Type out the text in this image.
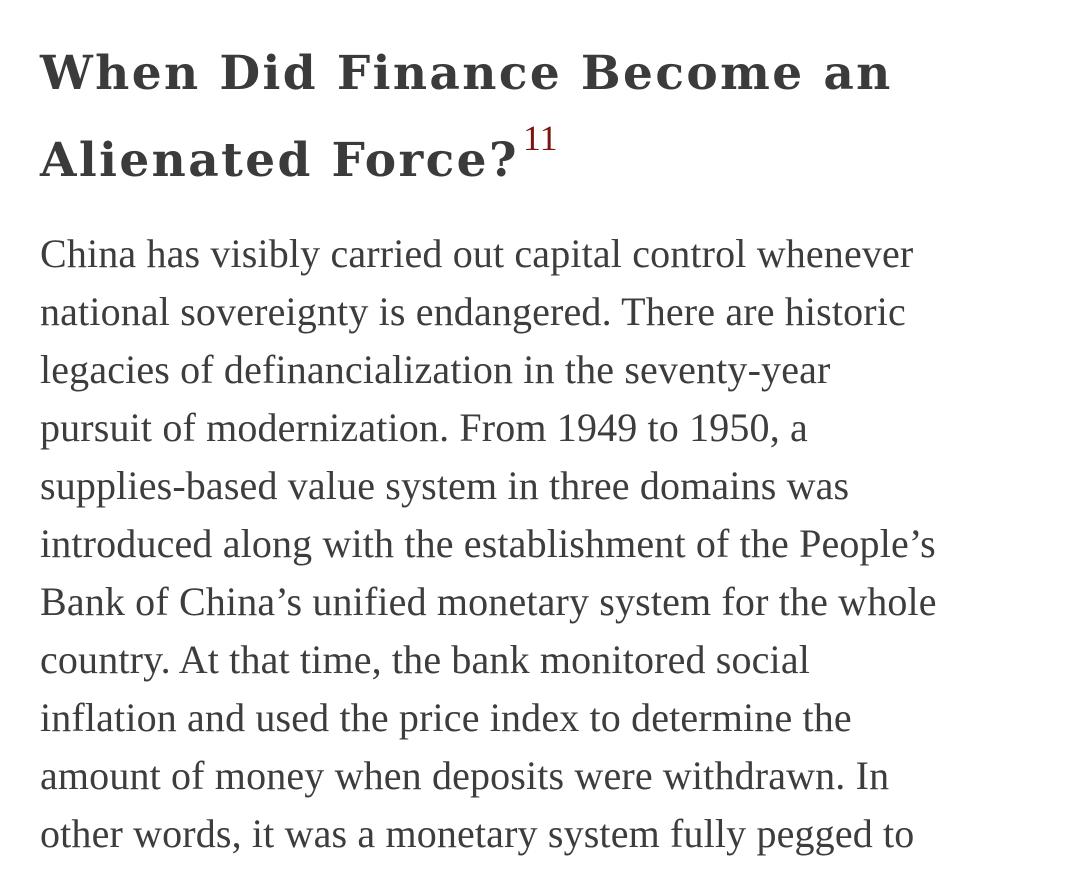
When Did Finance Become an
Alienated Force? $^{11}$
China has visibly carried out capital control whenever
national sovereignty is endangered. There are historic
legacies of definancialization in the seventy-year
pursuit of modernization. From 1949 to 1950, a
supplies-based value system in three domains was
introduced along with the establishment of the People’s
Bank of China’s unified monetary system for the whole
country. At that time, the bank monitored social
inflation and used the price index to determine the
amount of money when deposits were withdrawn. In
other words, it was a monetary system fully pegged to
